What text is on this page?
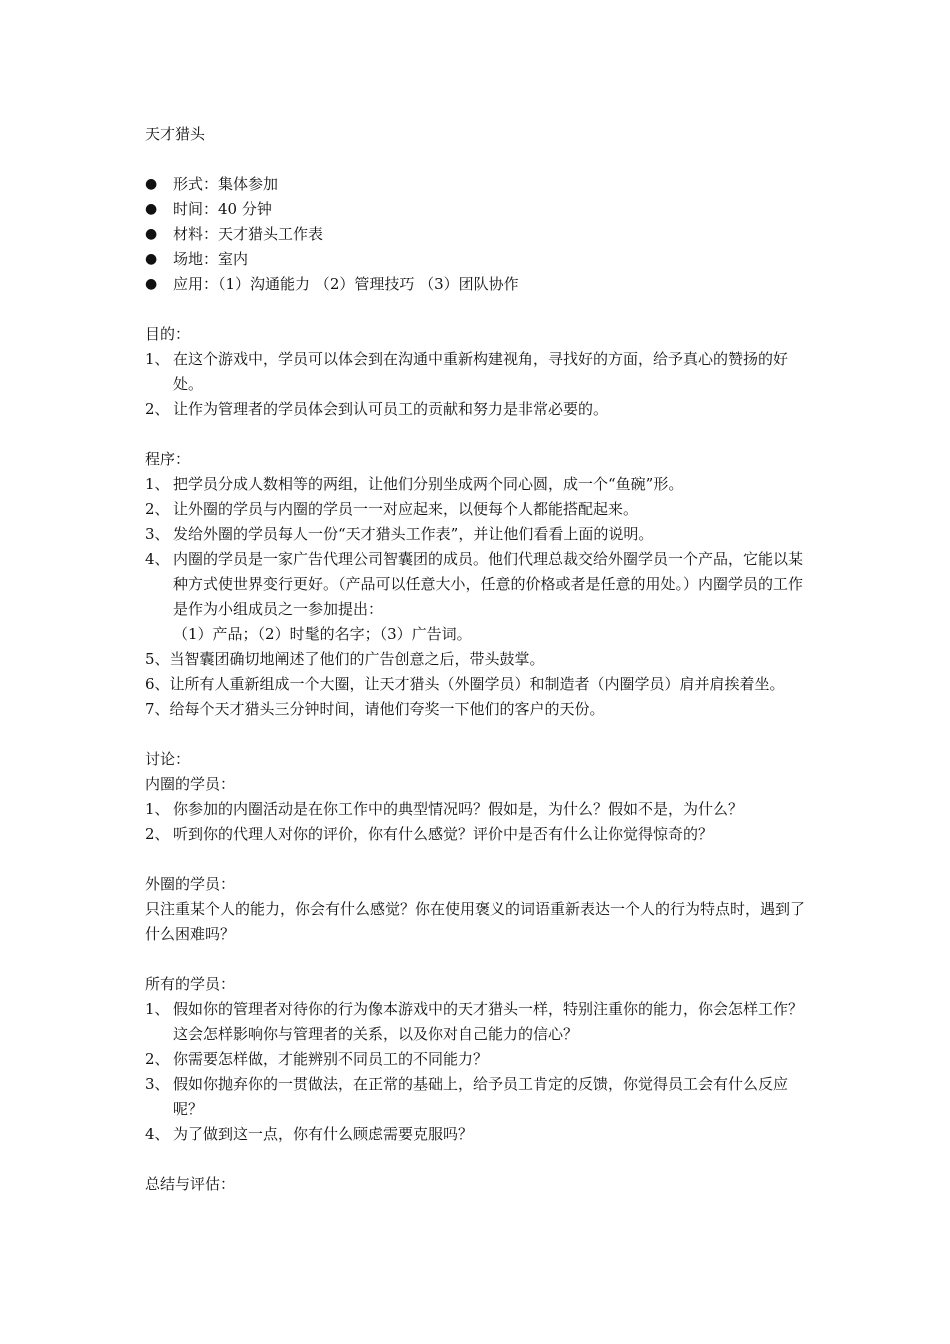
天才猎头
●	形式：集体参加
●	时间：40 分钟
●	材料：天才猎头工作表
●	场地：室内
●	应用：（1）沟通能力 （2）管理技巧 （3）团队协作
目的：
1、 在这个游戏中，学员可以体会到在沟通中重新构建视角，寻找好的方面，给予真心的赞扬的好处。
2、 让作为管理者的学员体会到认可员工的贡献和努力是非常必要的。
程序：
1、 把学员分成人数相等的两组，让他们分别坐成两个同心圆，成一个“鱼碗”形。
2、 让外圈的学员与内圈的学员一一对应起来，以便每个人都能搭配起来。
3、 发给外圈的学员每人一份“天才猎头工作表”，并让他们看看上面的说明。
4、 内圈的学员是一家广告代理公司智囊团的成员。他们代理总裁交给外圈学员一个产品，它能以某种方式使世界变行更好。（产品可以任意大小，任意的价格或者是任意的用处。）内圈学员的工作是作为小组成员之一参加提出：
（1）产品；（2）时髦的名字；（3）广告词。
5、当智囊团确切地阐述了他们的广告创意之后，带头鼓掌。
6、让所有人重新组成一个大圈，让天才猎头（外圈学员）和制造者（内圈学员）肩并肩挨着坐。
7、给每个天才猎头三分钟时间，请他们夸奖一下他们的客户的天份。
讨论：
内圈的学员：
1、 你参加的内圈活动是在你工作中的典型情况吗？假如是，为什么？假如不是，为什么？
2、 听到你的代理人对你的评价，你有什么感觉？评价中是否有什么让你觉得惊奇的？
外圈的学员：
只注重某个人的能力，你会有什么感觉？你在使用褒义的词语重新表达一个人的行为特点时，遇到了什么困难吗？
所有的学员：
1、 假如你的管理者对待你的行为像本游戏中的天才猎头一样，特别注重你的能力，你会怎样工作？这会怎样影响你与管理者的关系，以及你对自己能力的信心？
2、 你需要怎样做，才能辨别不同员工的不同能力？
3、 假如你抛弃你的一贯做法，在正常的基础上，给予员工肯定的反馈，你觉得员工会有什么反应呢？
4、 为了做到这一点，你有什么顾虑需要克服吗？
总结与评估：
